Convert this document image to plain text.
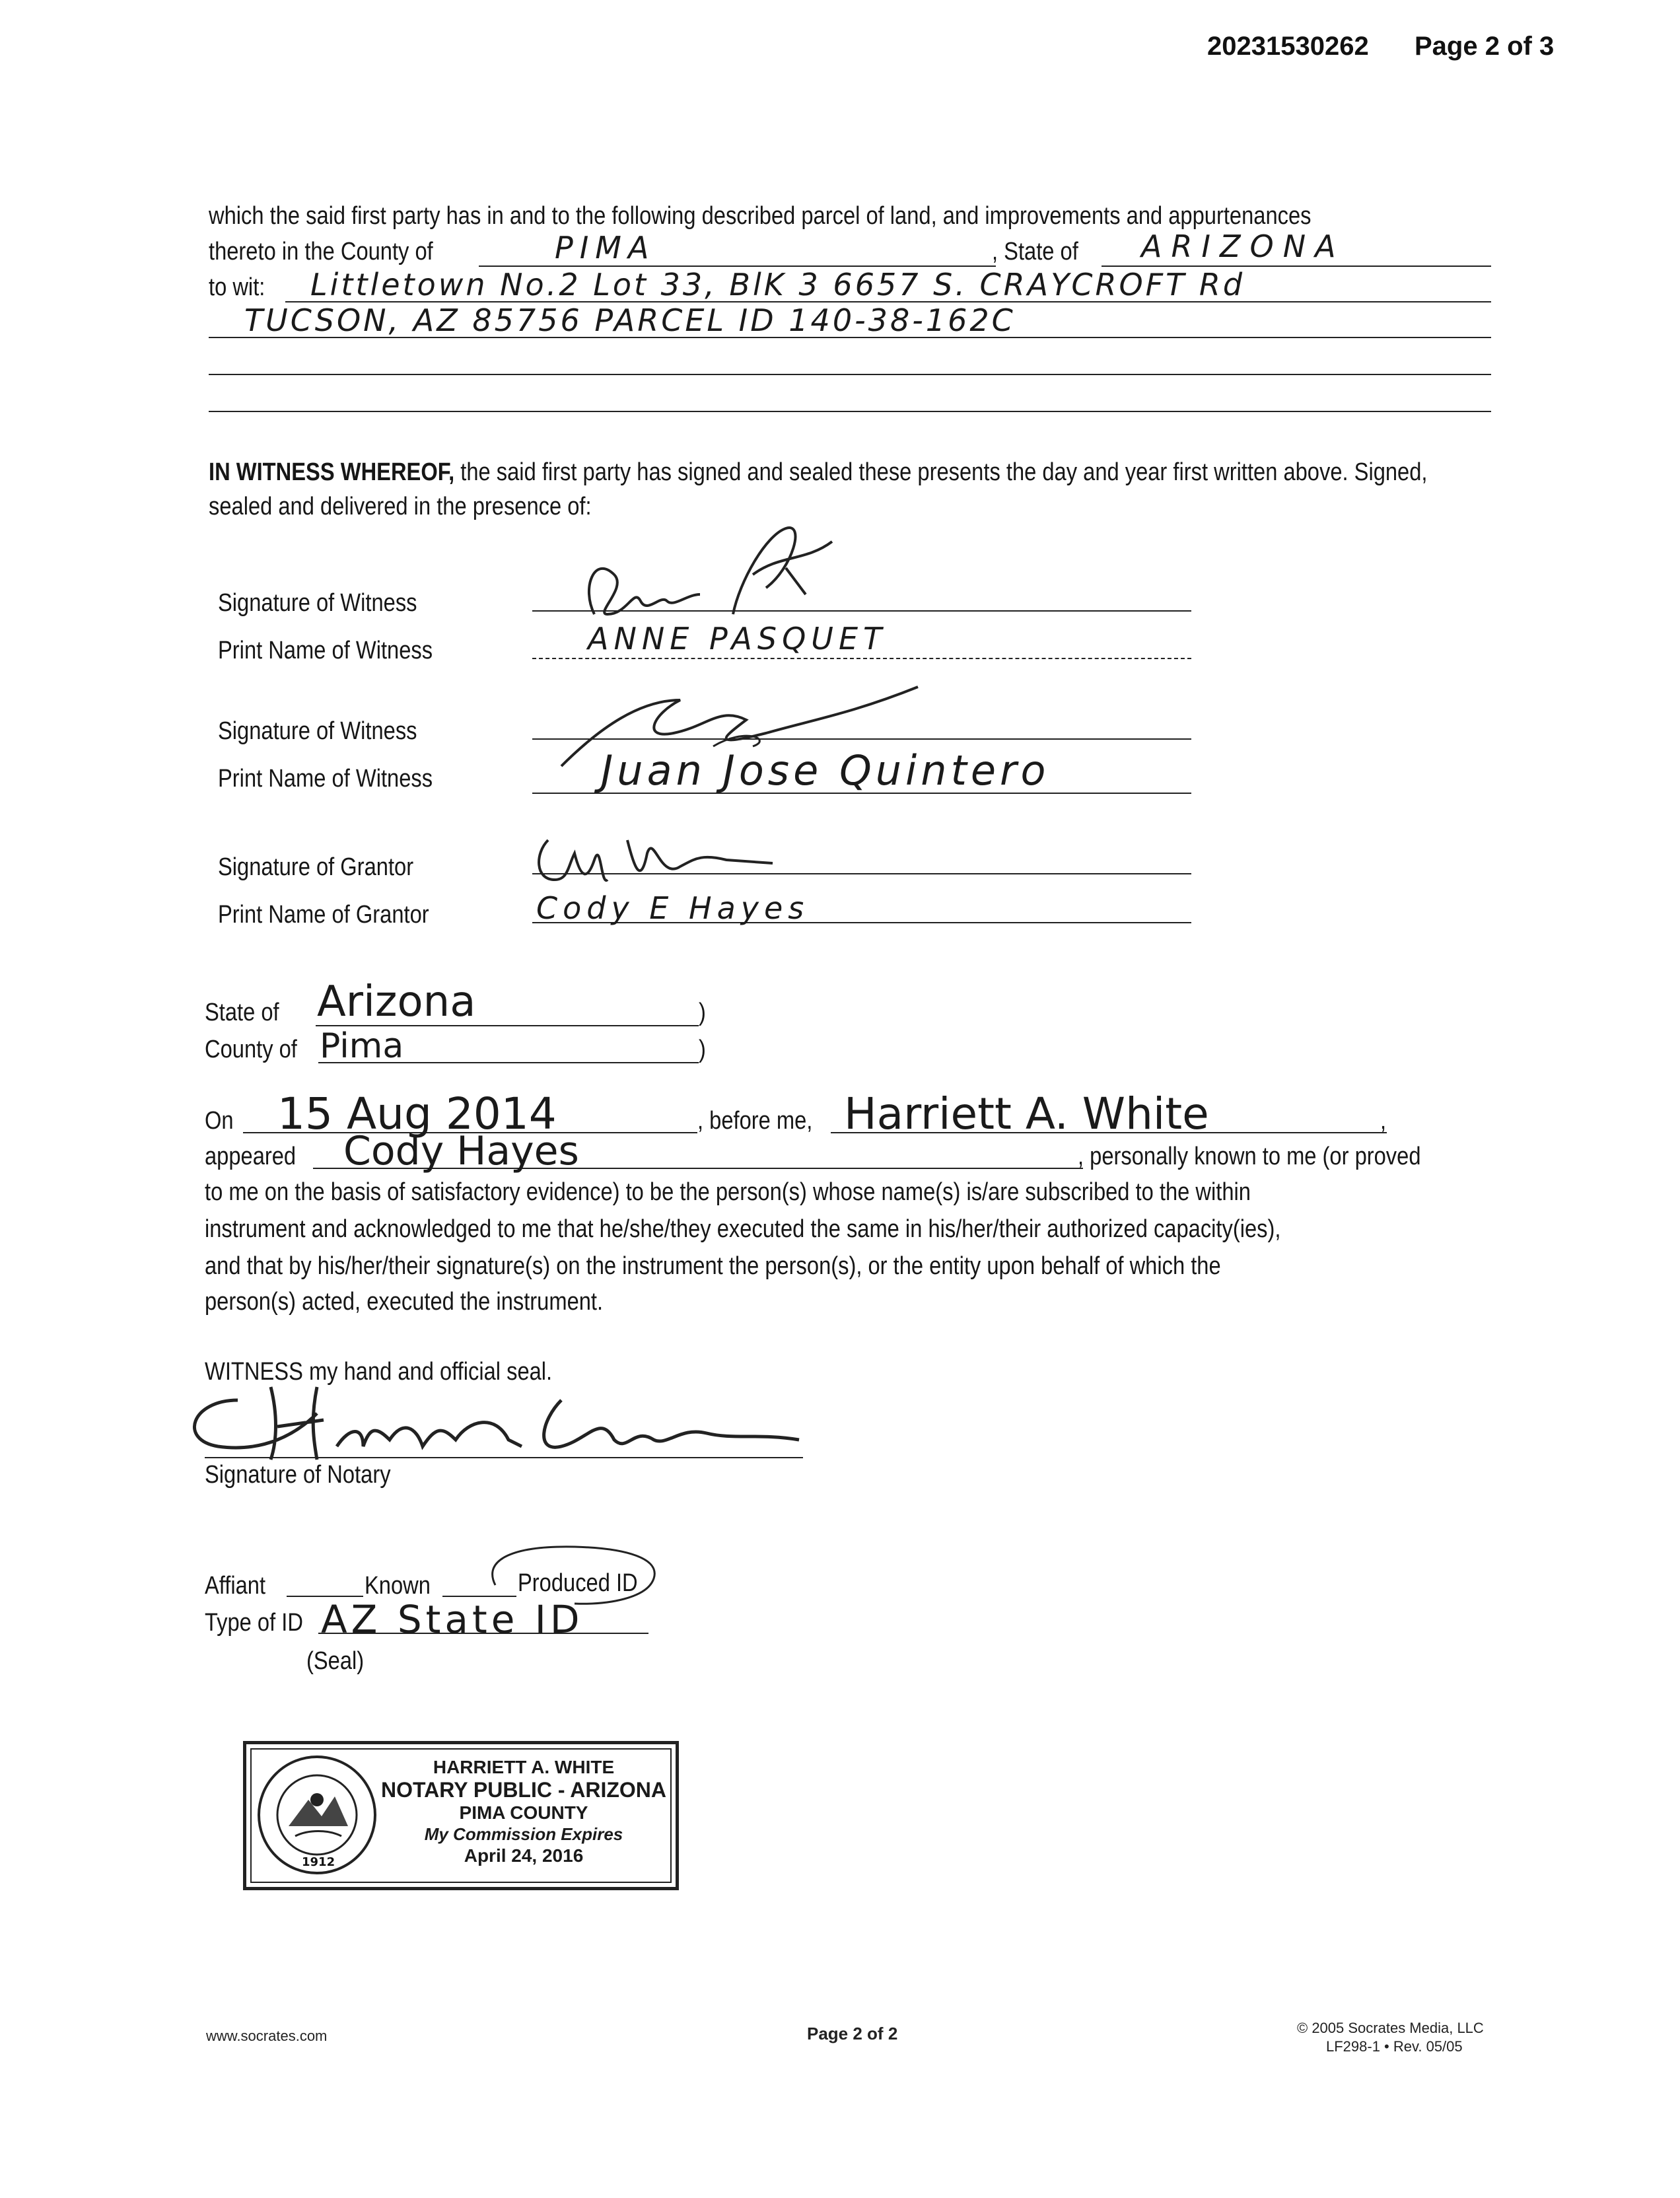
20231530262 Page 2 of 3
which the said first party has in and to the following described parcel of land, and improvements and appurtenances
thereto in the County of	PIMA	, State of ARIZONA
to wit: Littletown No.2 Lot 33, BlK 3 6657 S. CRAYCROFT Rd
TUCSON, AZ 85756 PARCEL ID 140-38-162C
IN WITNESS WHEREOF, the said first party has signed and sealed these presents the day and year first written above. Signed,
sealed and delivered in the presence of:
Signature of Witness
Print Name of Witness	ANNE PASQUET
Signature of Witness
Print Name of Witness	Juan Jose Quintero
Signature of Grantor
Print Name of Grantor	Cody E Hayes
State of Arizona	)
County of Pima	)
On 15 Aug 2014	, before me, Harriett A. White	,
appeared Cody Hayes	, personally known to me (or proved
to me on the basis of satisfactory evidence) to be the person(s) whose name(s) is/are subscribed to the within
instrument and acknowledged to me that he/she/they executed the same in his/her/their authorized capacity(ies),
and that by his/her/their signature(s) on the instrument the person(s), or the entity upon behalf of which the
person(s) acted, executed the instrument.
WITNESS my hand and official seal.
Signature of Notary
Affiant	Known	Produced ID
Type of ID AZ State ID
(Seal)
1912
HARRIETT A. WHITE
NOTARY PUBLIC - ARIZONA
PIMA COUNTY
My Commission Expires
April 24, 2016
www.socrates.com	Page 2 of 2	© 2005 Socrates Media, LLC
LF298-1 • Rev. 05/05
